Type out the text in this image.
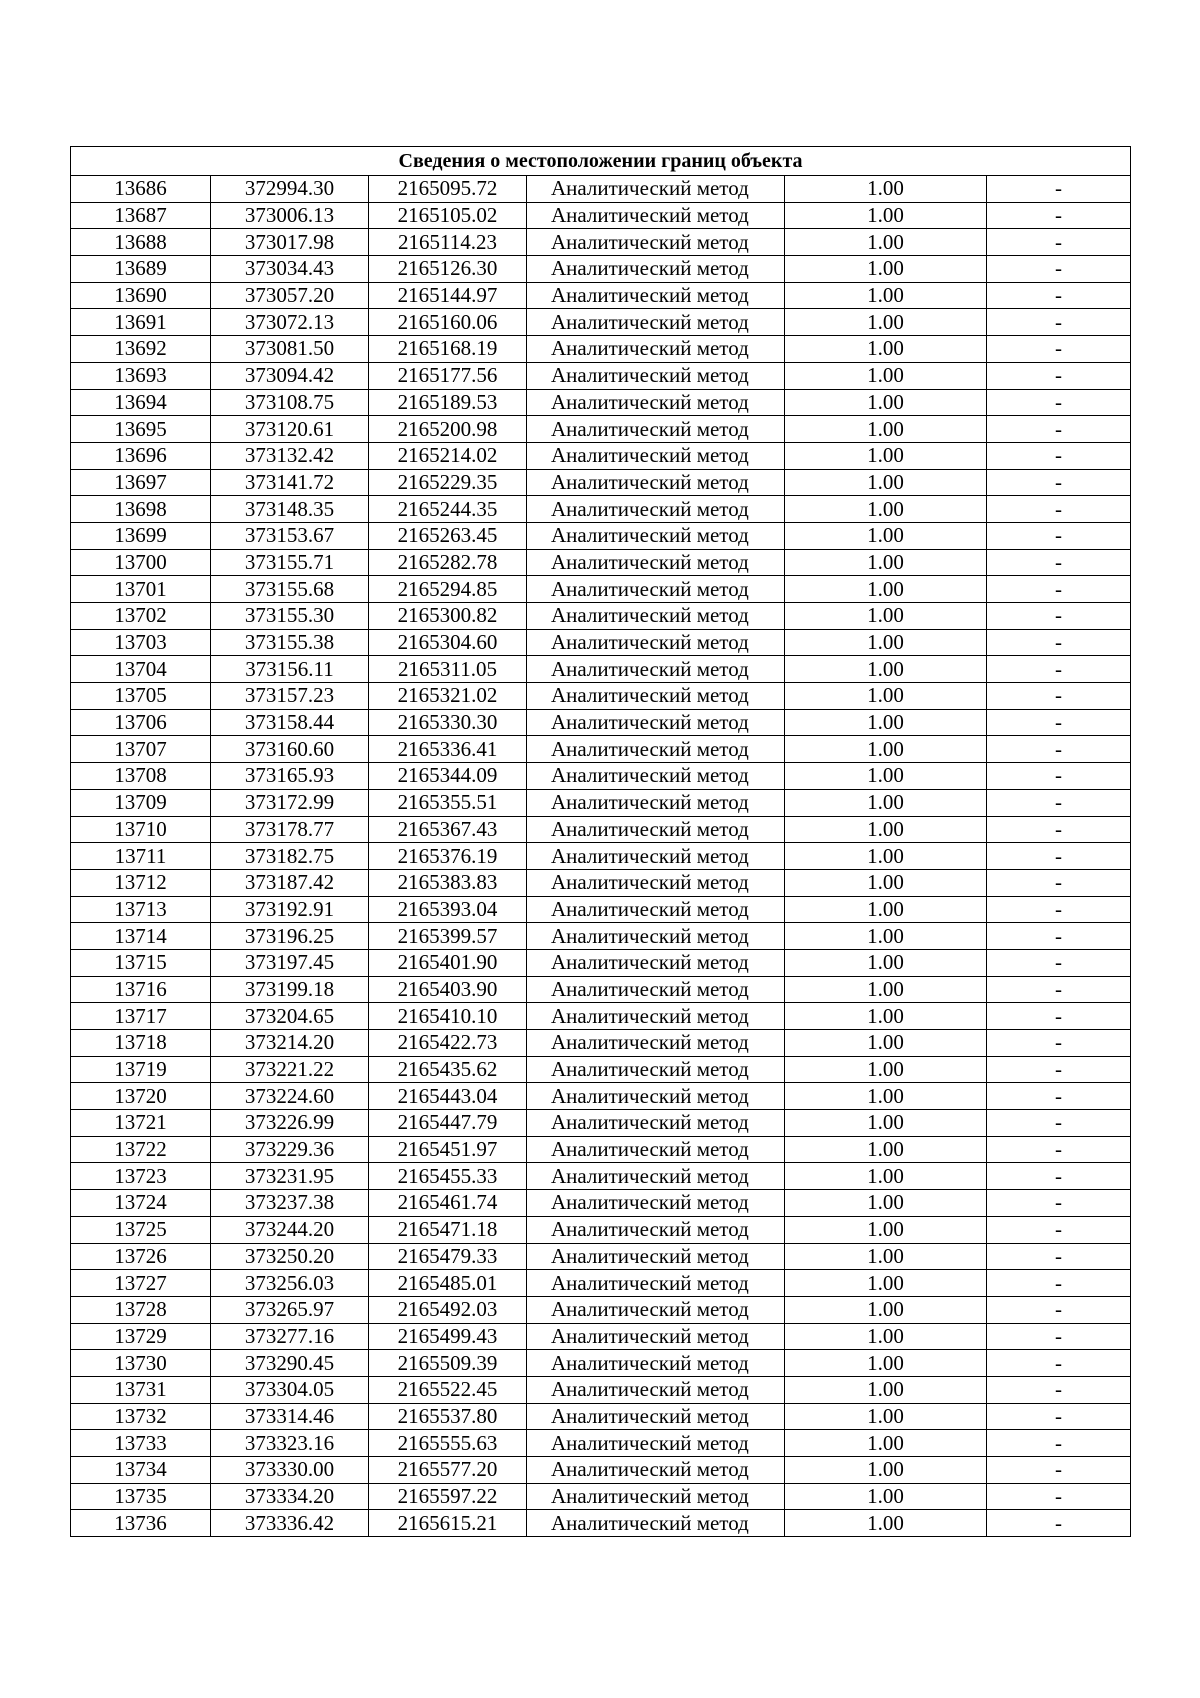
Сведения о местоположении границ объекта					
13686	372994.30	2165095.72	Аналитический метод	1.00	-
13687	373006.13	2165105.02	Аналитический метод	1.00	-
13688	373017.98	2165114.23	Аналитический метод	1.00	-
13689	373034.43	2165126.30	Аналитический метод	1.00	-
13690	373057.20	2165144.97	Аналитический метод	1.00	-
13691	373072.13	2165160.06	Аналитический метод	1.00	-
13692	373081.50	2165168.19	Аналитический метод	1.00	-
13693	373094.42	2165177.56	Аналитический метод	1.00	-
13694	373108.75	2165189.53	Аналитический метод	1.00	-
13695	373120.61	2165200.98	Аналитический метод	1.00	-
13696	373132.42	2165214.02	Аналитический метод	1.00	-
13697	373141.72	2165229.35	Аналитический метод	1.00	-
13698	373148.35	2165244.35	Аналитический метод	1.00	-
13699	373153.67	2165263.45	Аналитический метод	1.00	-
13700	373155.71	2165282.78	Аналитический метод	1.00	-
13701	373155.68	2165294.85	Аналитический метод	1.00	-
13702	373155.30	2165300.82	Аналитический метод	1.00	-
13703	373155.38	2165304.60	Аналитический метод	1.00	-
13704	373156.11	2165311.05	Аналитический метод	1.00	-
13705	373157.23	2165321.02	Аналитический метод	1.00	-
13706	373158.44	2165330.30	Аналитический метод	1.00	-
13707	373160.60	2165336.41	Аналитический метод	1.00	-
13708	373165.93	2165344.09	Аналитический метод	1.00	-
13709	373172.99	2165355.51	Аналитический метод	1.00	-
13710	373178.77	2165367.43	Аналитический метод	1.00	-
13711	373182.75	2165376.19	Аналитический метод	1.00	-
13712	373187.42	2165383.83	Аналитический метод	1.00	-
13713	373192.91	2165393.04	Аналитический метод	1.00	-
13714	373196.25	2165399.57	Аналитический метод	1.00	-
13715	373197.45	2165401.90	Аналитический метод	1.00	-
13716	373199.18	2165403.90	Аналитический метод	1.00	-
13717	373204.65	2165410.10	Аналитический метод	1.00	-
13718	373214.20	2165422.73	Аналитический метод	1.00	-
13719	373221.22	2165435.62	Аналитический метод	1.00	-
13720	373224.60	2165443.04	Аналитический метод	1.00	-
13721	373226.99	2165447.79	Аналитический метод	1.00	-
13722	373229.36	2165451.97	Аналитический метод	1.00	-
13723	373231.95	2165455.33	Аналитический метод	1.00	-
13724	373237.38	2165461.74	Аналитический метод	1.00	-
13725	373244.20	2165471.18	Аналитический метод	1.00	-
13726	373250.20	2165479.33	Аналитический метод	1.00	-
13727	373256.03	2165485.01	Аналитический метод	1.00	-
13728	373265.97	2165492.03	Аналитический метод	1.00	-
13729	373277.16	2165499.43	Аналитический метод	1.00	-
13730	373290.45	2165509.39	Аналитический метод	1.00	-
13731	373304.05	2165522.45	Аналитический метод	1.00	-
13732	373314.46	2165537.80	Аналитический метод	1.00	-
13733	373323.16	2165555.63	Аналитический метод	1.00	-
13734	373330.00	2165577.20	Аналитический метод	1.00	-
13735	373334.20	2165597.22	Аналитический метод	1.00	-
13736	373336.42	2165615.21	Аналитический метод	1.00	-
